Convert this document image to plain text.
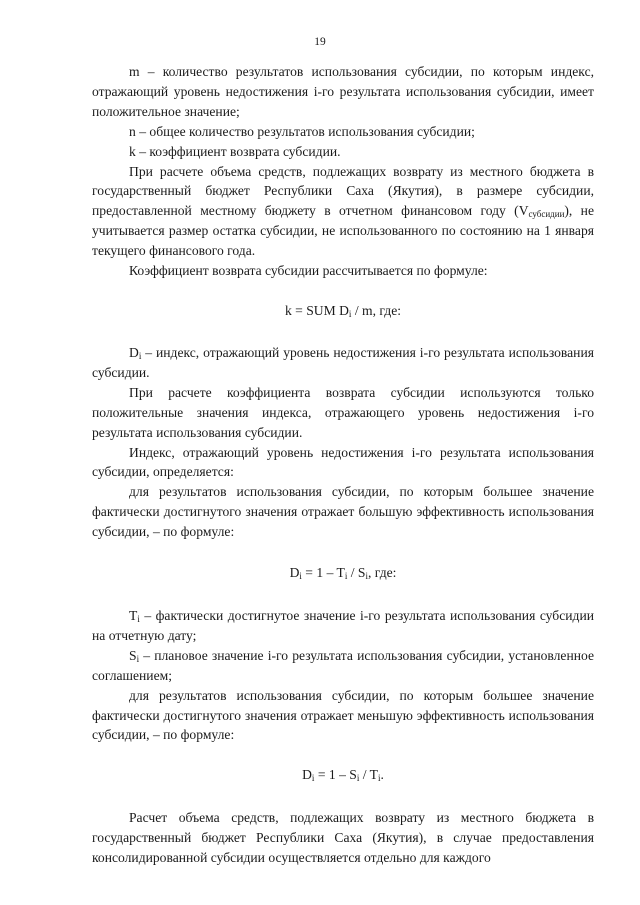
19

m – количество результатов использования субсидии, по которым индекс, отражающий уровень недостижения i-го результата использования субсидии, имеет положительное значение;

n – общее количество результатов использования субсидии;

k – коэффициент возврата субсидии.

При расчете объема средств, подлежащих возврату из местного бюджета в государственный бюджет Республики Саха (Якутия), в размере субсидии, предоставленной местному бюджету в отчетном финансовом году $(V_{субсидии})$, не учитывается размер остатка субсидии, не использованного по состоянию на 1 января текущего финансового года.

Коэффициент возврата субсидии рассчитывается по формуле:

k = SUM $D_i$ / m, где:

$D_i$ – индекс, отражающий уровень недостижения i-го результата использования субсидии.

При расчете коэффициента возврата субсидии используются только положительные значения индекса, отражающего уровень недостижения i-го результата использования субсидии.

Индекс, отражающий уровень недостижения i-го результата использования субсидии, определяется:

для результатов использования субсидии, по которым большее значение фактически достигнутого значения отражает большую эффективность использования субсидии, – по формуле:

$D_i = 1 - T_i / S_i$, где:

$T_i$ – фактически достигнутое значение i-го результата использования субсидии на отчетную дату;

$S_i$ – плановое значение i-го результата использования субсидии, установленное соглашением;

для результатов использования субсидии, по которым большее значение фактически достигнутого значения отражает меньшую эффективность использования субсидии, – по формуле:

$D_i = 1 - S_i / T_i$.

Расчет объема средств, подлежащих возврату из местного бюджета в государственный бюджет Республики Саха (Якутия), в случае предоставления консолидированной субсидии осуществляется отдельно для каждого
